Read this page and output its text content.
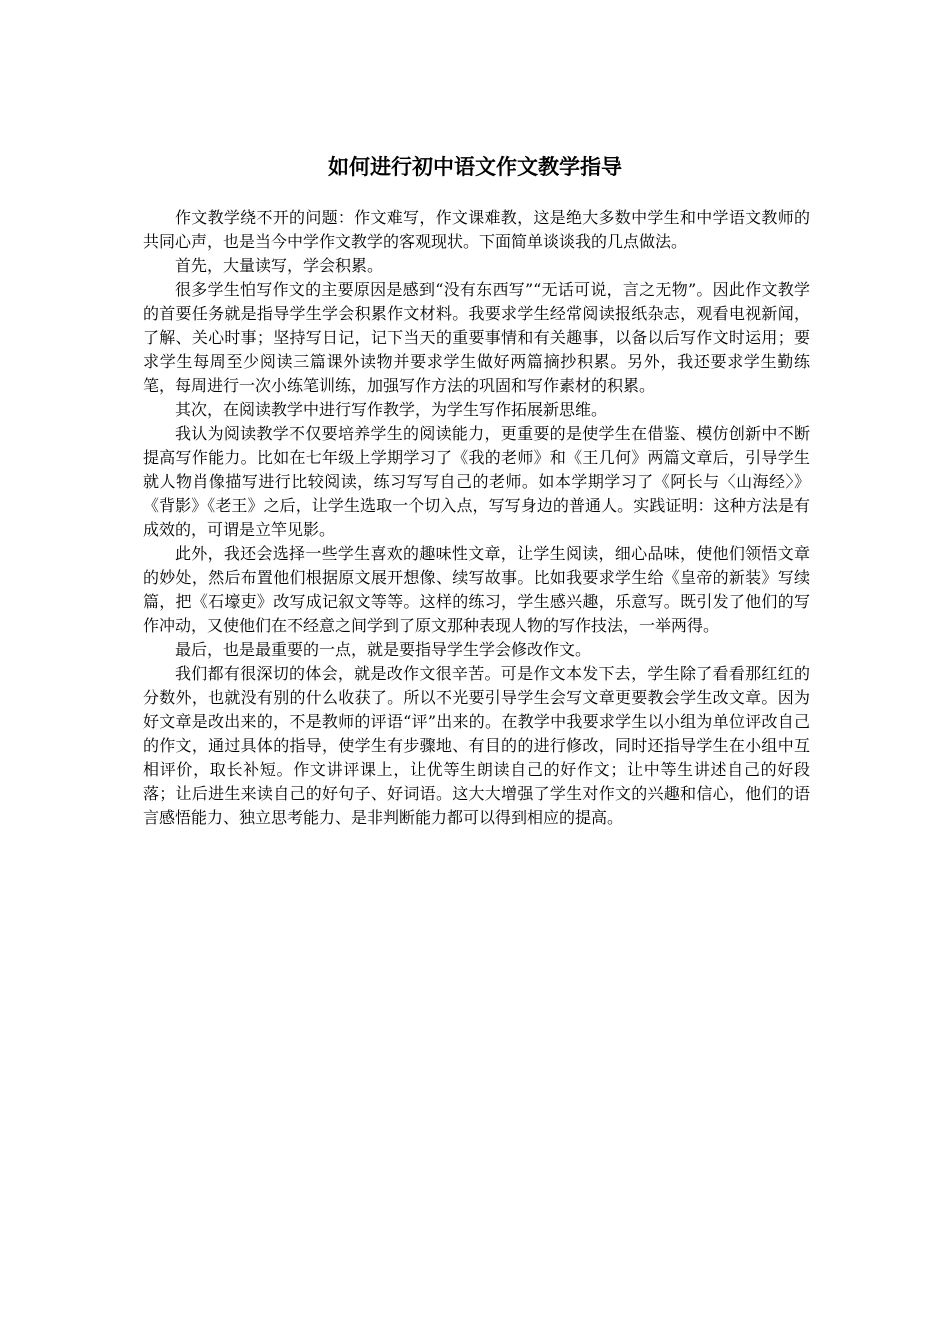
如何进行初中语文作文教学指导

作文教学绕不开的问题：作文难写，作文课难教，这是绝大多数中学生和中学语文教师的共同心声，也是当今中学作文教学的客观现状。下面简单谈谈我的几点做法。

首先，大量读写，学会积累。

很多学生怕写作文的主要原因是感到“没有东西写”“无话可说，言之无物”。因此作文教学的首要任务就是指导学生学会积累作文材料。我要求学生经常阅读报纸杂志，观看电视新闻，了解、关心时事；坚持写日记，记下当天的重要事情和有关趣事，以备以后写作文时运用；要求学生每周至少阅读三篇课外读物并要求学生做好两篇摘抄积累。另外，我还要求学生勤练笔，每周进行一次小练笔训练，加强写作方法的巩固和写作素材的积累。

其次，在阅读教学中进行写作教学，为学生写作拓展新思维。

我认为阅读教学不仅要培养学生的阅读能力，更重要的是使学生在借鉴、模仿创新中不断提高写作能力。比如在七年级上学期学习了《我的老师》和《王几何》两篇文章后，引导学生就人物肖像描写进行比较阅读，练习写写自己的老师。如本学期学习了《阿长与〈山海经〉》《背影》《老王》之后，让学生选取一个切入点，写写身边的普通人。实践证明：这种方法是有成效的，可谓是立竿见影。

此外，我还会选择一些学生喜欢的趣味性文章，让学生阅读，细心品味，使他们领悟文章的妙处，然后布置他们根据原文展开想像、续写故事。比如我要求学生给《皇帝的新装》写续篇，把《石壕吏》改写成记叙文等等。这样的练习，学生感兴趣，乐意写。既引发了他们的写作冲动，又使他们在不经意之间学到了原文那种表现人物的写作技法，一举两得。

最后，也是最重要的一点，就是要指导学生学会修改作文。

我们都有很深切的体会，就是改作文很辛苦。可是作文本发下去，学生除了看看那红红的分数外，也就没有别的什么收获了。所以不光要引导学生会写文章更要教会学生改文章。因为好文章是改出来的，不是教师的评语“评”出来的。在教学中我要求学生以小组为单位评改自己的作文，通过具体的指导，使学生有步骤地、有目的的进行修改，同时还指导学生在小组中互相评价，取长补短。作文讲评课上，让优等生朗读自己的好作文；让中等生讲述自己的好段落；让后进生来读自己的好句子、好词语。这大大增强了学生对作文的兴趣和信心，他们的语言感悟能力、独立思考能力、是非判断能力都可以得到相应的提高。
